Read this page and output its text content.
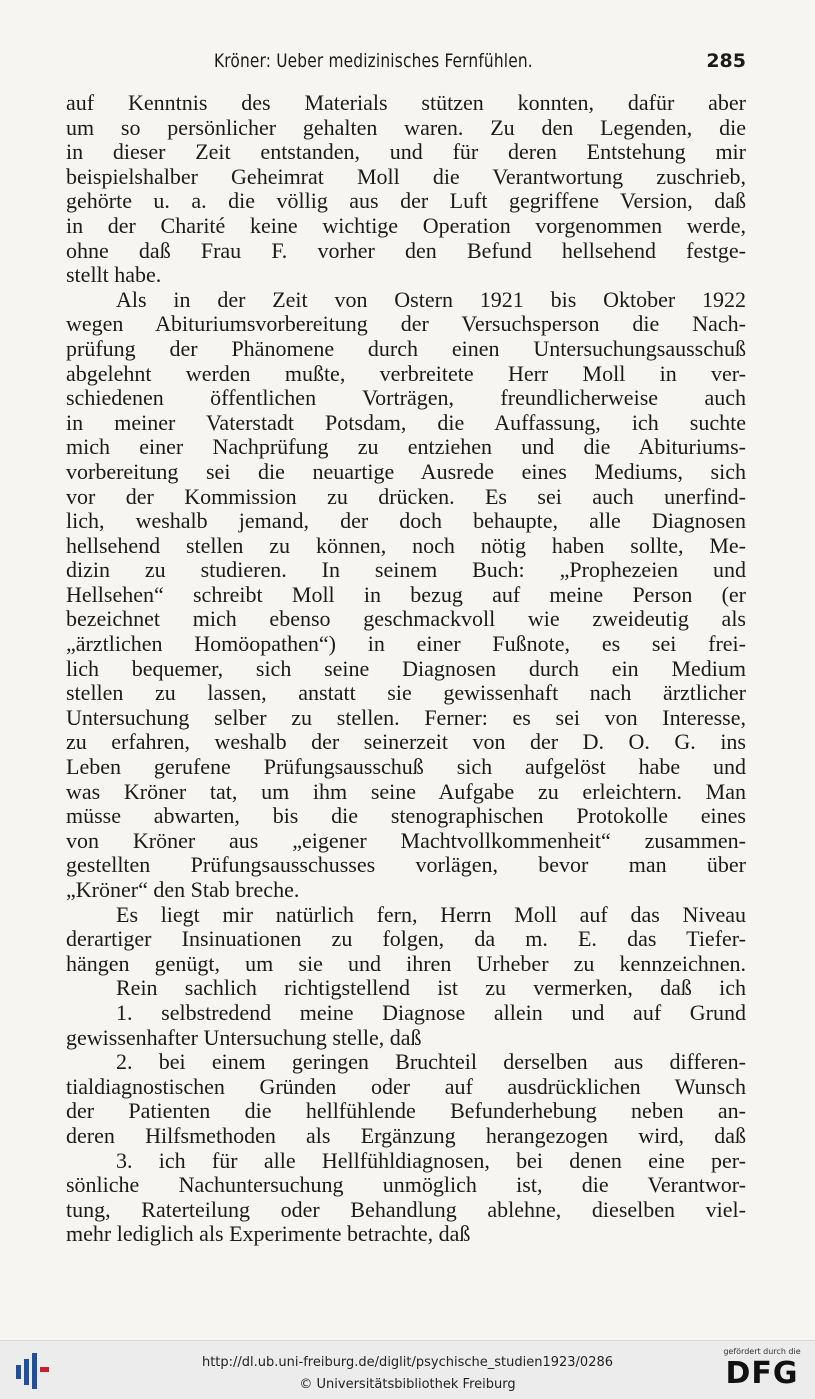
Kröner: Ueber medizinisches Fernfühlen.	285
auf Kenntnis des Materials stützen konnten, dafür aber
um so persönlicher gehalten waren. Zu den Legenden, die
in dieser Zeit entstanden, und für deren Entstehung mir
beispielshalber Geheimrat Moll die Verantwortung zuschrieb,
gehörte u. a. die völlig aus der Luft gegriffene Version, daß
in der Charité keine wichtige Operation vorgenommen werde,
ohne daß Frau F. vorher den Befund hellsehend festge-
stellt habe.
Als in der Zeit von Ostern 1921 bis Oktober 1922
wegen Abituriumsvorbereitung der Versuchsperson die Nach-
prüfung der Phänomene durch einen Untersuchungsausschuß
abgelehnt werden mußte, verbreitete Herr Moll in ver-
schiedenen öffentlichen Vorträgen, freundlicherweise auch
in meiner Vaterstadt Potsdam, die Auffassung, ich suchte
mich einer Nachprüfung zu entziehen und die Abituriums-
vorbereitung sei die neuartige Ausrede eines Mediums, sich
vor der Kommission zu drücken. Es sei auch unerfind-
lich, weshalb jemand, der doch behaupte, alle Diagnosen
hellsehend stellen zu können, noch nötig haben sollte, Me-
dizin zu studieren. In seinem Buch: „Prophezeien und
Hellsehen“ schreibt Moll in bezug auf meine Person (er
bezeichnet mich ebenso geschmackvoll wie zweideutig als
„ärztlichen Homöopathen“) in einer Fußnote, es sei frei-
lich bequemer, sich seine Diagnosen durch ein Medium
stellen zu lassen, anstatt sie gewissenhaft nach ärztlicher
Untersuchung selber zu stellen. Ferner: es sei von Interesse,
zu erfahren, weshalb der seinerzeit von der D. O. G. ins
Leben gerufene Prüfungsausschuß sich aufgelöst habe und
was Kröner tat, um ihm seine Aufgabe zu erleichtern. Man
müsse abwarten, bis die stenographischen Protokolle eines
von Kröner aus „eigener Machtvollkommenheit“ zusammen-
gestellten Prüfungsausschusses vorlägen, bevor man über
„Kröner“ den Stab breche.
Es liegt mir natürlich fern, Herrn Moll auf das Niveau
derartiger Insinuationen zu folgen, da m. E. das Tiefer-
hängen genügt, um sie und ihren Urheber zu kennzeichnen.
Rein sachlich richtigstellend ist zu vermerken, daß ich
1. selbstredend meine Diagnose allein und auf Grund
gewissenhafter Untersuchung stelle, daß
2. bei einem geringen Bruchteil derselben aus differen-
tialdiagnostischen Gründen oder auf ausdrücklichen Wunsch
der Patienten die hellfühlende Befunderhebung neben an-
deren Hilfsmethoden als Ergänzung herangezogen wird, daß
3. ich für alle Hellfühldiagnosen, bei denen eine per-
sönliche Nachuntersuchung unmöglich ist, die Verantwor-
tung, Raterteilung oder Behandlung ablehne, dieselben viel-
mehr lediglich als Experimente betrachte, daß
http://dl.ub.uni-freiburg.de/diglit/psychische_studien1923/0286
© Universitätsbibliothek Freiburg
gefördert durch die
DFG
